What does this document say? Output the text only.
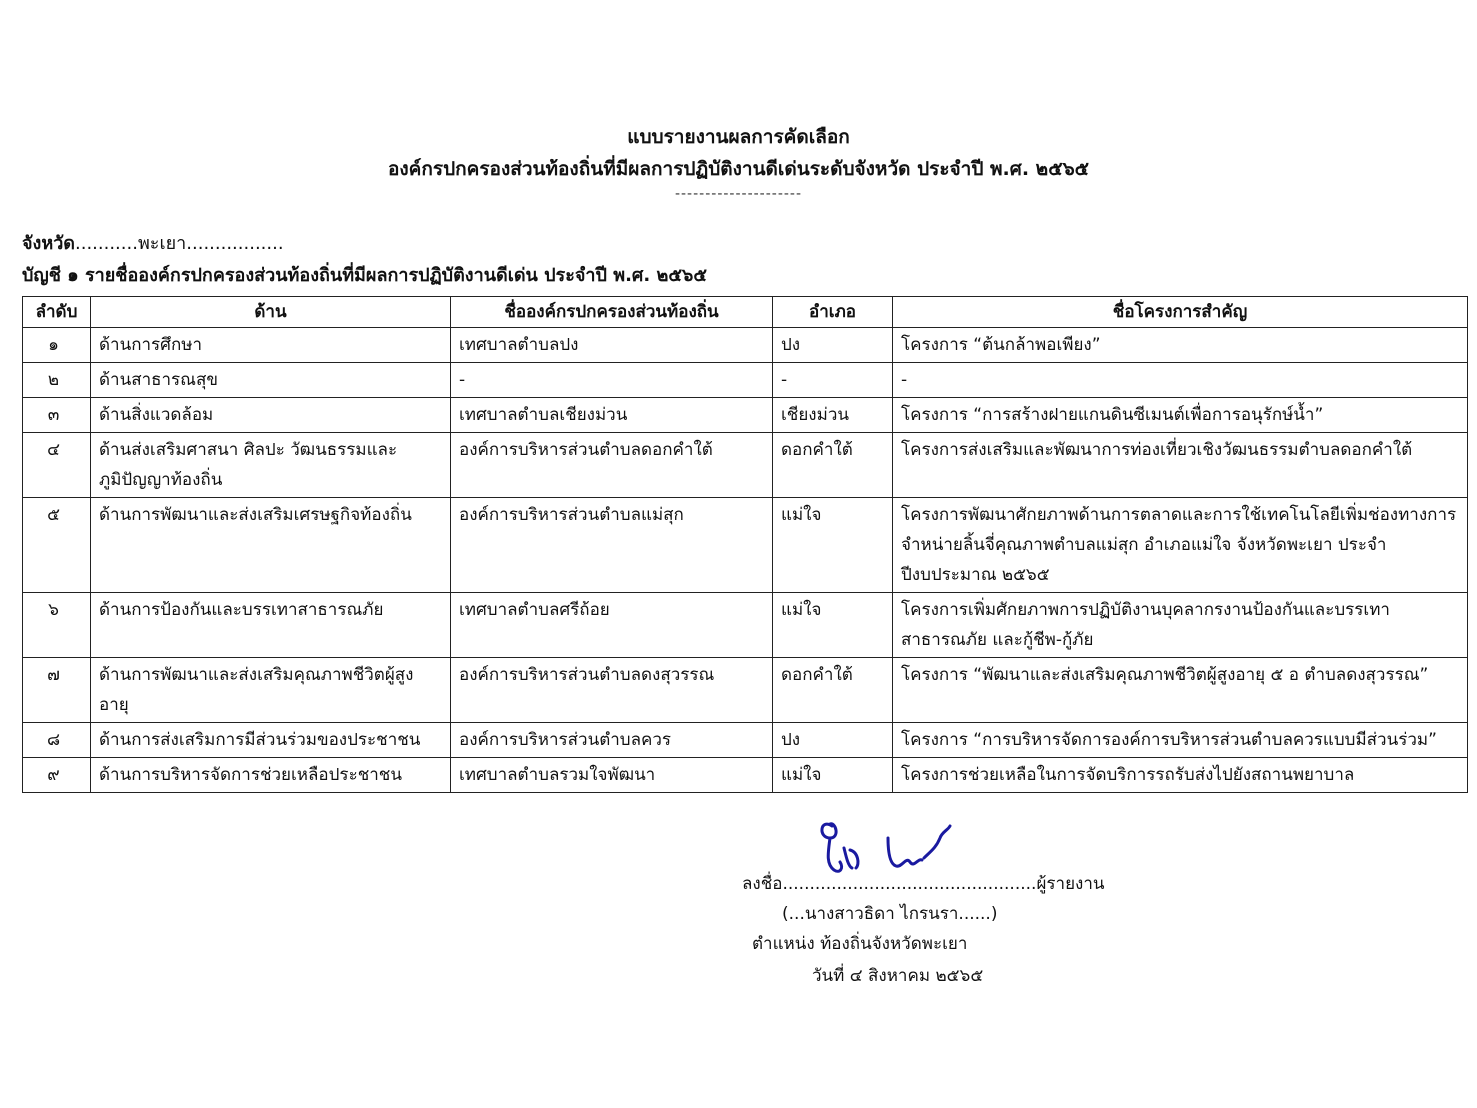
แบบรายงานผลการคัดเลือก
องค์กรปกครองส่วนท้องถิ่นที่มีผลการปฏิบัติงานดีเด่นระดับจังหวัด ประจำปี พ.ศ. ๒๕๖๕
---------------------
จังหวัด...........พะเยา.................
บัญชี ๑ รายชื่อองค์กรปกครองส่วนท้องถิ่นที่มีผลการปฏิบัติงานดีเด่น ประจำปี พ.ศ. ๒๕๖๕
ลำดับ	ด้าน	ชื่อองค์กรปกครองส่วนท้องถิ่น	อำเภอ	ชื่อโครงการสำคัญ
๑	ด้านการศึกษา	เทศบาลตำบลปง	ปง	โครงการ “ต้นกล้าพอเพียง”
๒	ด้านสาธารณสุข	-	-	-
๓	ด้านสิ่งแวดล้อม	เทศบาลตำบลเชียงม่วน	เชียงม่วน	โครงการ “การสร้างฝายแกนดินซีเมนต์เพื่อการอนุรักษ์น้ำ”
๔	ด้านส่งเสริมศาสนา ศิลปะ วัฒนธรรมและภูมิปัญญาท้องถิ่น	องค์การบริหารส่วนตำบลดอกคำใต้	ดอกคำใต้	โครงการส่งเสริมและพัฒนาการท่องเที่ยวเชิงวัฒนธรรมตำบลดอกคำใต้
๕	ด้านการพัฒนาและส่งเสริมเศรษฐกิจท้องถิ่น	องค์การบริหารส่วนตำบลแม่สุก	แม่ใจ	โครงการพัฒนาศักยภาพด้านการตลาดและการใช้เทคโนโลยีเพิ่มช่องทางการจำหน่ายลิ้นจี่คุณภาพตำบลแม่สุก อำเภอแม่ใจ จังหวัดพะเยา ประจำปีงบประมาณ ๒๕๖๕
๖	ด้านการป้องกันและบรรเทาสาธารณภัย	เทศบาลตำบลศรีถ้อย	แม่ใจ	โครงการเพิ่มศักยภาพการปฏิบัติงานบุคลากรงานป้องกันและบรรเทาสาธารณภัย และกู้ชีพ-กู้ภัย
๗	ด้านการพัฒนาและส่งเสริมคุณภาพชีวิตผู้สูงอายุ	องค์การบริหารส่วนตำบลดงสุวรรณ	ดอกคำใต้	โครงการ “พัฒนาและส่งเสริมคุณภาพชีวิตผู้สูงอายุ ๕ อ ตำบลดงสุวรรณ”
๘	ด้านการส่งเสริมการมีส่วนร่วมของประชาชน	องค์การบริหารส่วนตำบลควร	ปง	โครงการ “การบริหารจัดการองค์การบริหารส่วนตำบลควรแบบมีส่วนร่วม”
๙	ด้านการบริหารจัดการช่วยเหลือประชาชน	เทศบาลตำบลรวมใจพัฒนา	แม่ใจ	โครงการช่วยเหลือในการจัดบริการรถรับส่งไปยังสถานพยาบาล
ลงชื่อ...............................................ผู้รายงาน
(...นางสาวธิดา ไกรนรา......)
ตำแหน่ง ท้องถิ่นจังหวัดพะเยา
วันที่ ๔ สิงหาคม ๒๕๖๕
